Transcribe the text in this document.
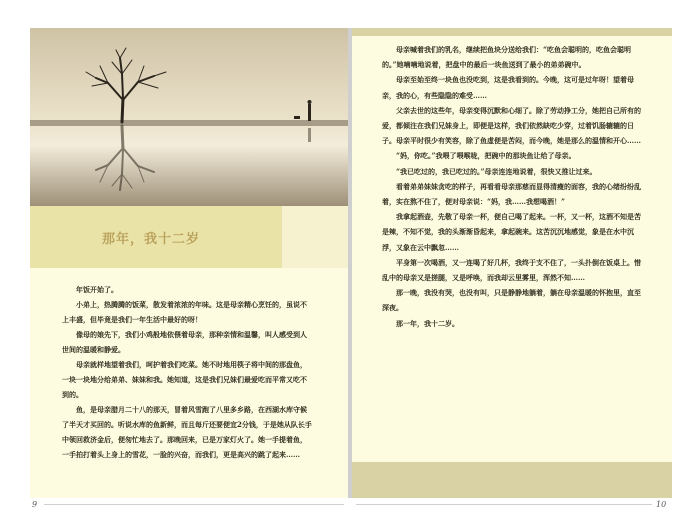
那年，我十二岁

年饭开始了。

小弟上，热腾腾的饭菜，散发着浓浓的年味。这是母亲精心烹饪的，虽说不上丰盛，但毕竟是我们一年生活中最好的呀！

像母的娘先下，我们小鸡般地依偎着母亲，那种亲情和温馨，叫人感受到人世间的温暖和静爱。

母亲就样地望着我们，呵护着我们吃菜。她不时地用筷子将中间的那盘鱼，一块一块地分给弟弟、妹妹和我。她知道，这是我们兄妹们最爱吃而平常又吃不到的。

鱼，是母亲腊月二十八的那天，冒着风雪跑了八里多乡路，在西湖水库守候了半天才买回的。听说水库的鱼新鲜，而且每斤还要便宜2分钱，于是她从队长手中领回救济金后，便匆忙地去了。那晚回来，已是万家灯火了。她一手提着鱼，一手拍打着头上身上的雪花，一脸的兴奋，而我们，更是高兴的跳了起来……

母亲喊着我们的乳名，继续把鱼块分送给我们：“吃鱼会聪明的，吃鱼会聪明的。”她喃喃地说着，把盘中的最后一块鱼送到了最小的弟弟碗中。

母亲至始至终一块鱼也没吃到，这是我看到的。今晚，这可是过年呀！望着母亲，我的心，有些隐隐的难受……

父亲去世的这些年，母亲变得沉默和心细了。除了劳动挣工分，她把自己所有的爱，都倾注在我们兄妹身上，即便是这样，我们依然缺吃少穿，过着饥肠辘辘的日子。母亲平时很少有笑容，除了鱼虚便是苦闷，而今晚，她是那么的温情和开心……

“妈，你吃。”我喂了喂喉咙，把碗中的那块鱼让给了母亲。

“我已吃过的，我已吃过的。”母亲连连地说着，很快又推让过来。

看着弟弟妹妹贪吃的样子，再看看母亲那慈而显得清瘦的面容，我的心绪纷纷乱着，实在熬不住了，便对母亲说：“妈，我……我想喝酒！”

我拿起酒壶，先敬了母亲一杯，便自己喝了起来。一杯，又一杯，这酒不知是苦是辣，不知不觉，我的头渐渐昏起来，拿起碗来。这苦沉沉地感觉，象是在水中沉浮，又象在云中飘忽……

平身第一次喝酒，又一连喝了好几杯，我终于支不住了，一头扑倒在饭桌上。惜乱中的母亲又是搓腿，又是呼唤，而我却云里雾里，浑然不知……

那一晚，我没有哭，也没有叫，只是静静地躺着，躺在母亲温暖的怀抱里，直至深夜。

那一年，我十二岁。

9	10
